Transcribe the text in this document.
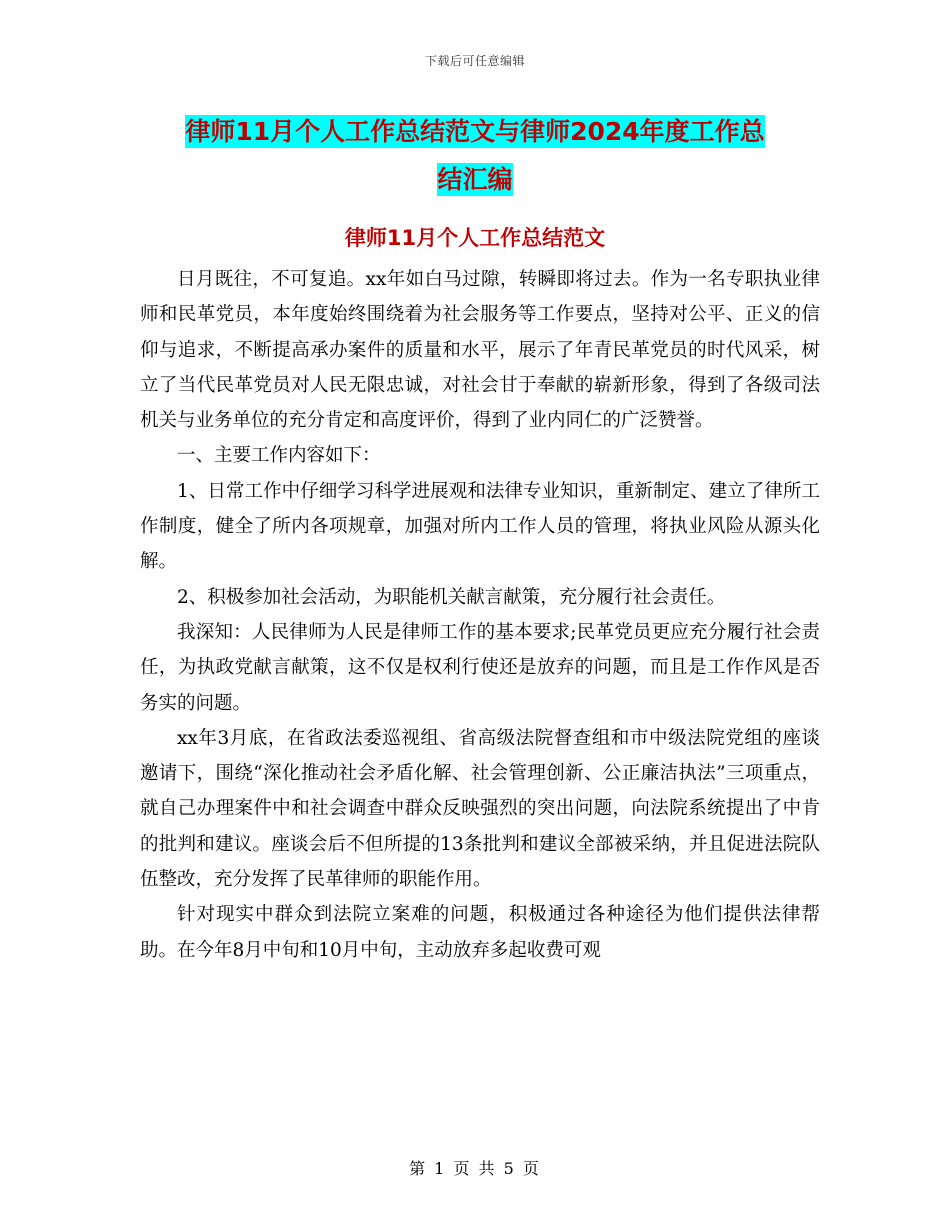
下载后可任意编辑
律师11月个人工作总结范文与律师2024年度工作总
结汇编
律师11月个人工作总结范文

日月既往，不可复追。xx年如白马过隙，转瞬即将过去。作为一名专职执业律师和民革党员，本年度始终围绕着为社会服务等工作要点，坚持对公平、正义的信仰与追求，不断提高承办案件的质量和水平，展示了年青民革党员的时代风采，树立了当代民革党员对人民无限忠诚，对社会甘于奉献的崭新形象，得到了各级司法机关与业务单位的充分肯定和高度评价，得到了业内同仁的广泛赞誉。

一、主要工作内容如下：

1、日常工作中仔细学习科学进展观和法律专业知识，重新制定、建立了律所工作制度，健全了所内各项规章，加强对所内工作人员的管理，将执业风险从源头化解。

2、积极参加社会活动，为职能机关献言献策，充分履行社会责任。

我深知：人民律师为人民是律师工作的基本要求;民革党员更应充分履行社会责任，为执政党献言献策，这不仅是权利行使还是放弃的问题，而且是工作作风是否务实的问题。

xx年3月底，在省政法委巡视组、省高级法院督查组和市中级法院党组的座谈邀请下，围绕“深化推动社会矛盾化解、社会管理创新、公正廉洁执法”三项重点，就自己办理案件中和社会调查中群众反映强烈的突出问题，向法院系统提出了中肯的批判和建议。座谈会后不但所提的13条批判和建议全部被采纳，并且促进法院队伍整改，充分发挥了民革律师的职能作用。

针对现实中群众到法院立案难的问题，积极通过各种途径为他们提供法律帮助。在今年8月中旬和10月中旬，主动放弃多起收费可观

第 1 页 共 5 页
